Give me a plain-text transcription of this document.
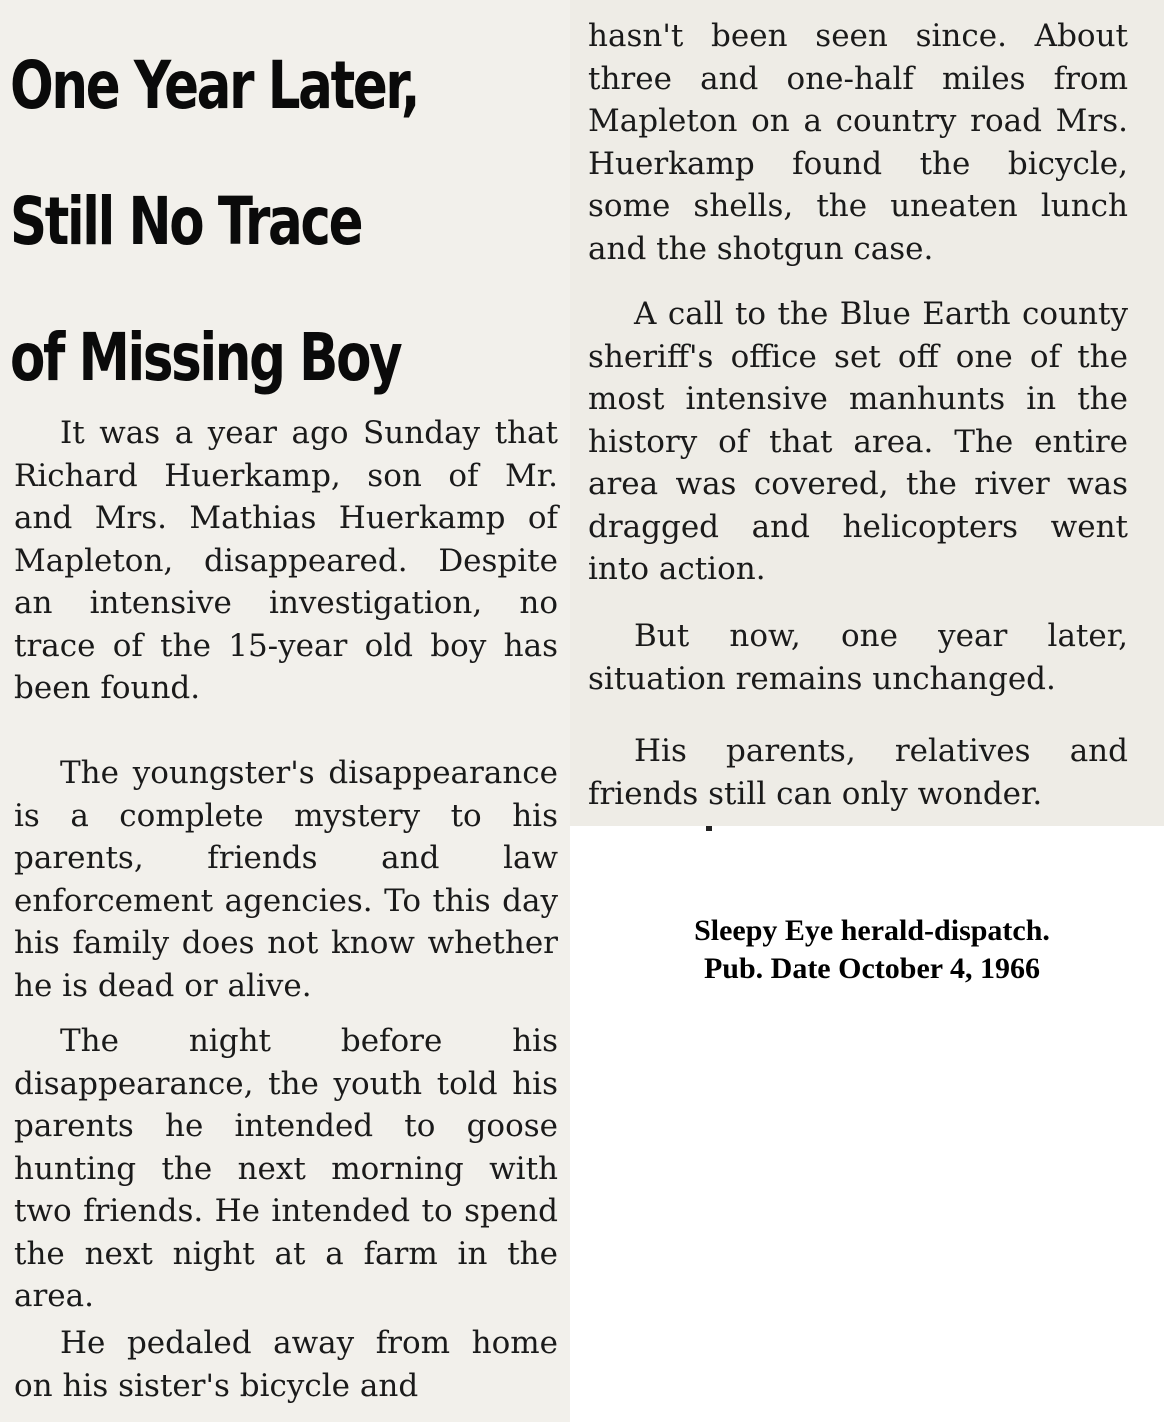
One Year Later,
Still No Trace
of Missing Boy

It was a year ago Sunday that Richard Huerkamp, son of Mr. and Mrs. Mathias Huerkamp of Mapleton, disappeared. Despite an intensive investigation, no trace of the 15-year old boy has been found.

The youngster's disappearance is a complete mystery to his parents, friends and law enforcement agencies. To this day his family does not know whether he is dead or alive.

The night before his disappearance, the youth told his parents he intended to goose hunting the next morning with two friends. He intended to spend the next night at a farm in the area.

He pedaled away from home on his sister's bicycle and

hasn't been seen since. About three and one-half miles from Mapleton on a country road Mrs. Huerkamp found the bicycle, some shells, the uneaten lunch and the shotgun case.

A call to the Blue Earth county sheriff's office set off one of the most intensive manhunts in the history of that area. The entire area was covered, the river was dragged and helicopters went into action.

But now, one year later, situation remains unchanged.

His parents, relatives and friends still can only wonder.

Sleepy Eye herald-dispatch.
Pub. Date October 4, 1966
